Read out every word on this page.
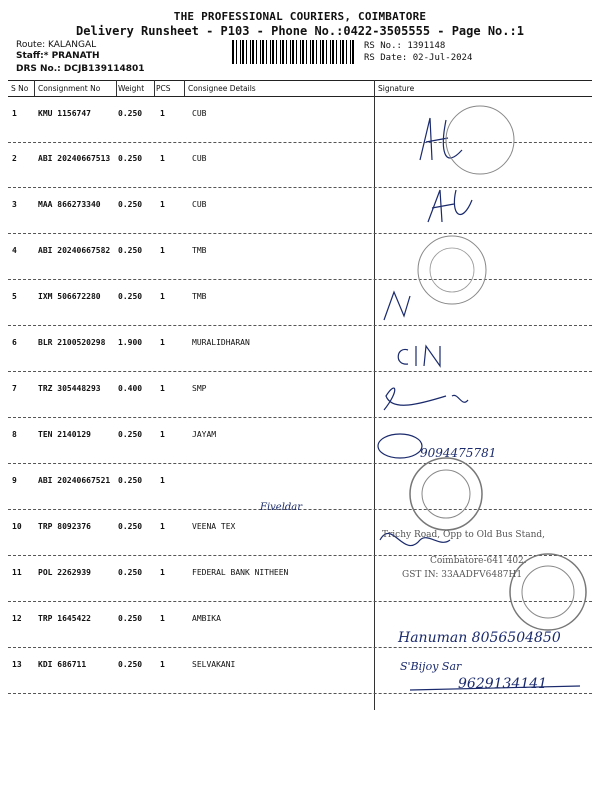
THE PROFESSIONAL COURIERS, COIMBATORE
Delivery Runsheet - P103 - Phone No.:0422-3505555 - Page No.:1
Route: KALANGAL
Staff:* PRANATH
DRS No.: DCJB139114801
RS No.: 1391148
RS Date: 02-Jul-2024
S No Consignment No Weight PCS Consignee Details	Signature
1	KMU 1156747	0.250 1	CUB
2	ABI 20240667513 0.250 1	CUB
3	MAA 866273340 0.250 1	CUB
4	ABI 20240667582 0.250 1	TMB
5	IXM 506672280 0.250 1	TMB
6	BLR 2100520298 1.900 1	MURALIDHARAN
7	TRZ 305448293 0.400 1	SMP
8	TEN 2140129	0.250 1	JAYAM
9	ABI 20240667521 0.250 1
10 TRP 8092376	0.250 1	VEENA TEX
11 POL 2262939	0.250 1	FEDERAL BANK NITHEEN
12 TRP 1645422	0.250 1	AMBIKA
13 KDI 686711	0.250 1	SELVAKANI
Fiveldar
9094475781
Trichy Road, Opp to Old Bus Stand,
Coimbatore-641 402.
GST IN: 33AADFV6487H1
Hanuman 8056504850
S'Bijoy Sar
9629134141
